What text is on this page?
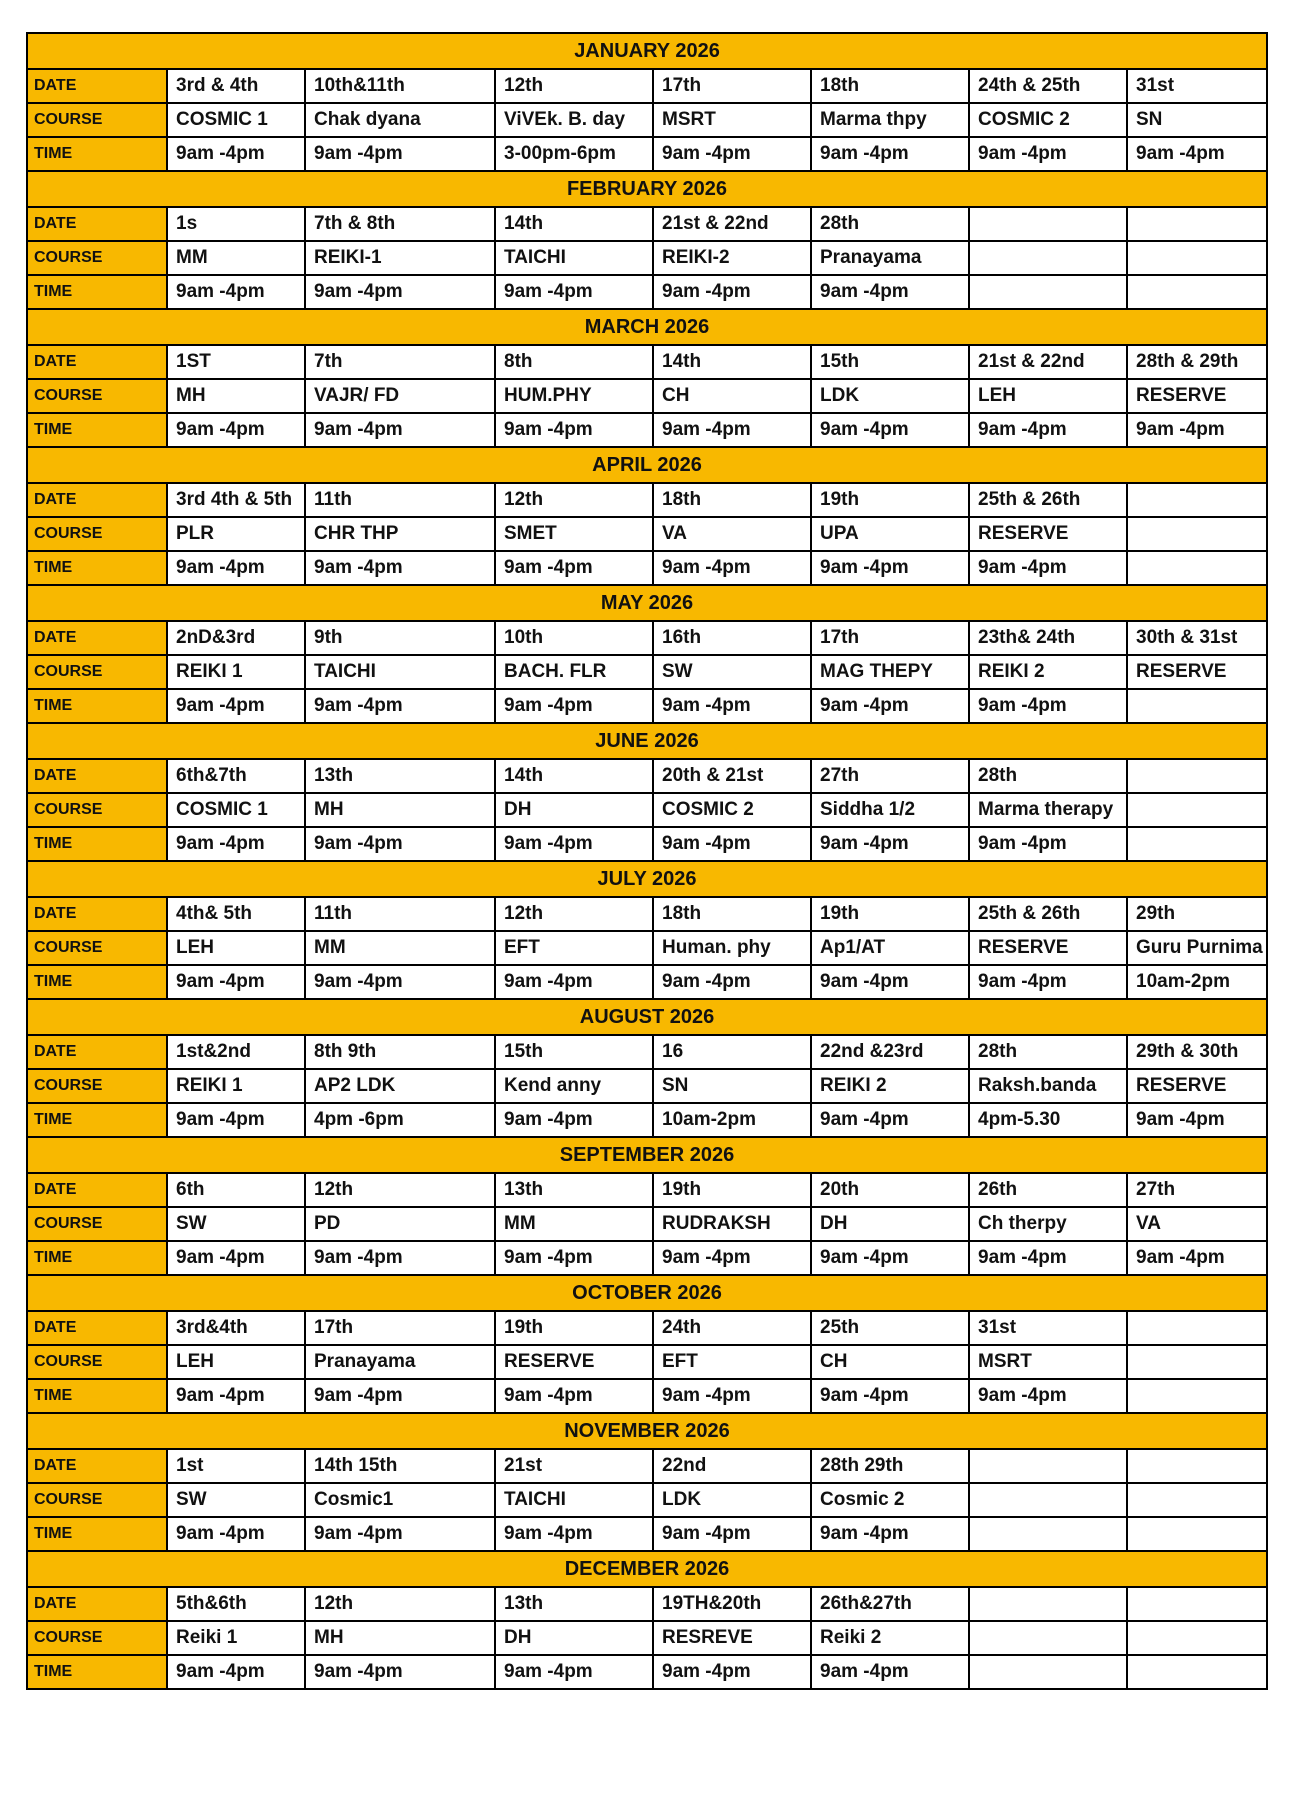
JANUARY 2026							
DATE	3rd & 4th	10th&11th	12th	17th	18th	24th & 25th	31st
COURSE	COSMIC 1	Chak dyana	ViVEk. B. day	MSRT	Marma thpy	COSMIC 2	SN
TIME	9am -4pm	9am -4pm	3-00pm-6pm	9am -4pm	9am -4pm	9am -4pm	9am -4pm
FEBRUARY 2026							
DATE	1s	7th & 8th	14th	21st & 22nd	28th		
COURSE	MM	REIKI-1	TAICHI	REIKI-2	Pranayama		
TIME	9am -4pm	9am -4pm	9am -4pm	9am -4pm	9am -4pm		
MARCH 2026							
DATE	1ST	7th	8th	14th	15th	21st & 22nd	28th & 29th
COURSE	MH	VAJR/ FD	HUM.PHY	CH	LDK	LEH	RESERVE
TIME	9am -4pm	9am -4pm	9am -4pm	9am -4pm	9am -4pm	9am -4pm	9am -4pm
APRIL 2026							
DATE	3rd 4th & 5th	11th	12th	18th	19th	25th & 26th	
COURSE	PLR	CHR THP	SMET	VA	UPA	RESERVE	
TIME	9am -4pm	9am -4pm	9am -4pm	9am -4pm	9am -4pm	9am -4pm	
MAY 2026							
DATE	2nD&3rd	9th	10th	16th	17th	23th& 24th	30th & 31st
COURSE	REIKI 1	TAICHI	BACH. FLR	SW	MAG THEPY	REIKI 2	RESERVE
TIME	9am -4pm	9am -4pm	9am -4pm	9am -4pm	9am -4pm	9am -4pm	
JUNE 2026							
DATE	6th&7th	13th	14th	20th & 21st	27th	28th	
COURSE	COSMIC 1	MH	DH	COSMIC 2	Siddha 1/2	Marma therapy	
TIME	9am -4pm	9am -4pm	9am -4pm	9am -4pm	9am -4pm	9am -4pm	
JULY 2026							
DATE	4th& 5th	11th	12th	18th	19th	25th & 26th	29th
COURSE	LEH	MM	EFT	Human. phy	Ap1/AT	RESERVE	Guru Purnima
TIME	9am -4pm	9am -4pm	9am -4pm	9am -4pm	9am -4pm	9am -4pm	10am-2pm
AUGUST 2026							
DATE	1st&2nd	8th 9th	15th	16	22nd &23rd	28th	29th & 30th
COURSE	REIKI 1	AP2 LDK	Kend anny	SN	REIKI 2	Raksh.banda	RESERVE
TIME	9am -4pm	4pm -6pm	9am -4pm	10am-2pm	9am -4pm	4pm-5.30	9am -4pm
SEPTEMBER 2026							
DATE	6th	12th	13th	19th	20th	26th	27th
COURSE	SW	PD	MM	RUDRAKSH	DH	Ch therpy	VA
TIME	9am -4pm	9am -4pm	9am -4pm	9am -4pm	9am -4pm	9am -4pm	9am -4pm
OCTOBER 2026							
DATE	3rd&4th	17th	19th	24th	25th	31st	
COURSE	LEH	Pranayama	RESERVE	EFT	CH	MSRT	
TIME	9am -4pm	9am -4pm	9am -4pm	9am -4pm	9am -4pm	9am -4pm	
NOVEMBER 2026							
DATE	1st	14th 15th	21st	22nd	28th 29th		
COURSE	SW	Cosmic1	TAICHI	LDK	Cosmic 2		
TIME	9am -4pm	9am -4pm	9am -4pm	9am -4pm	9am -4pm		
DECEMBER 2026							
DATE	5th&6th	12th	13th	19TH&20th	26th&27th		
COURSE	Reiki 1	MH	DH	RESREVE	Reiki 2		
TIME	9am -4pm	9am -4pm	9am -4pm	9am -4pm	9am -4pm		
